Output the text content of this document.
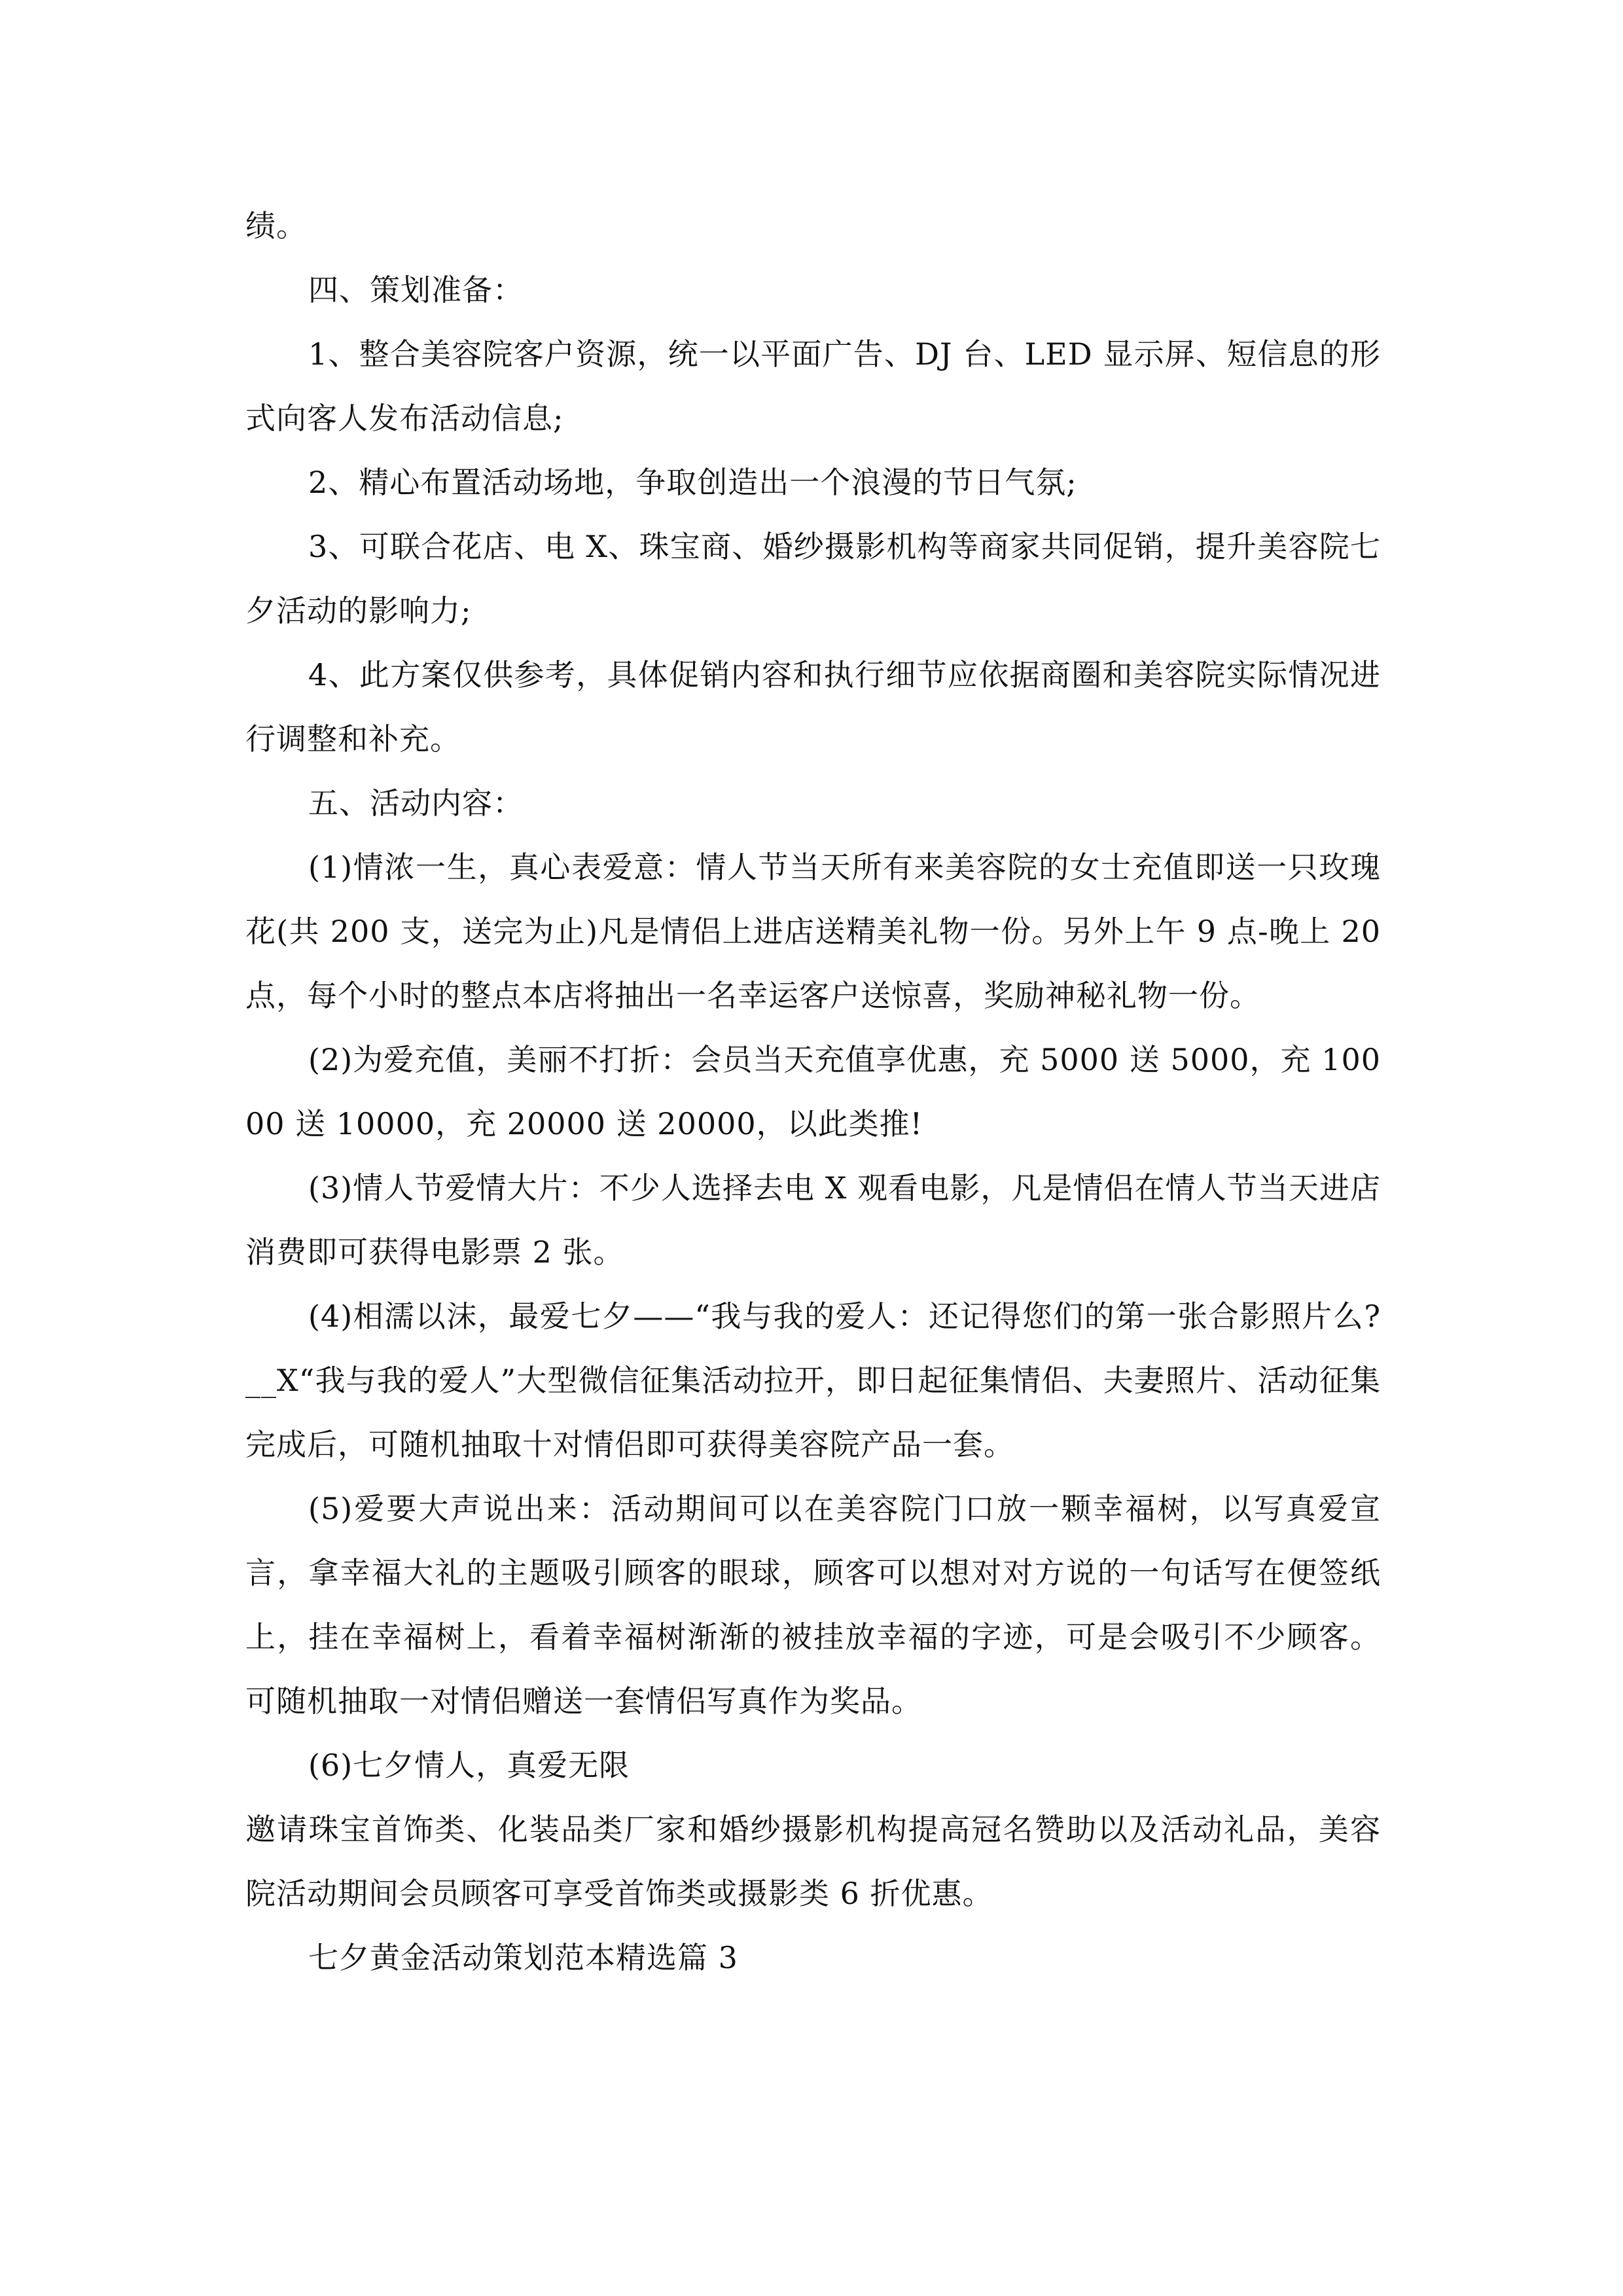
绩。

四、策划准备：

1、整合美容院客户资源，统一以平面广告、DJ 台、LED 显示屏、短信息的形式向客人发布活动信息;

2、精心布置活动场地，争取创造出一个浪漫的节日气氛;

3、可联合花店、电 X、珠宝商、婚纱摄影机构等商家共同促销，提升美容院七夕活动的影响力;

4、此方案仅供参考，具体促销内容和执行细节应依据商圈和美容院实际情况进行调整和补充。

五、活动内容：

(1)情浓一生，真心表爱意：情人节当天所有来美容院的女士充值即送一只玫瑰花(共 200 支，送完为止)凡是情侣上进店送精美礼物一份。另外上午 9 点-晚上 20 点，每个小时的整点本店将抽出一名幸运客户送惊喜，奖励神秘礼物一份。

(2)为爱充值，美丽不打折：会员当天充值享优惠，充 5000 送 5000，充 10000 送 10000，充 20000 送 20000，以此类推!

(3)情人节爱情大片：不少人选择去电 X 观看电影，凡是情侣在情人节当天进店消费即可获得电影票 2 张。

(4)相濡以沫，最爱七夕——“我与我的爱人：还记得您们的第一张合影照片么?__X“我与我的爱人”大型微信征集活动拉开，即日起征集情侣、夫妻照片、活动征集完成后，可随机抽取十对情侣即可获得美容院产品一套。

(5)爱要大声说出来：活动期间可以在美容院门口放一颗幸福树，以写真爱宣言，拿幸福大礼的主题吸引顾客的眼球，顾客可以想对对方说的一句话写在便签纸上，挂在幸福树上，看着幸福树渐渐的被挂放幸福的字迹，可是会吸引不少顾客。可随机抽取一对情侣赠送一套情侣写真作为奖品。

(6)七夕情人，真爱无限

邀请珠宝首饰类、化装品类厂家和婚纱摄影机构提高冠名赞助以及活动礼品，美容院活动期间会员顾客可享受首饰类或摄影类 6 折优惠。

七夕黄金活动策划范本精选篇 3
